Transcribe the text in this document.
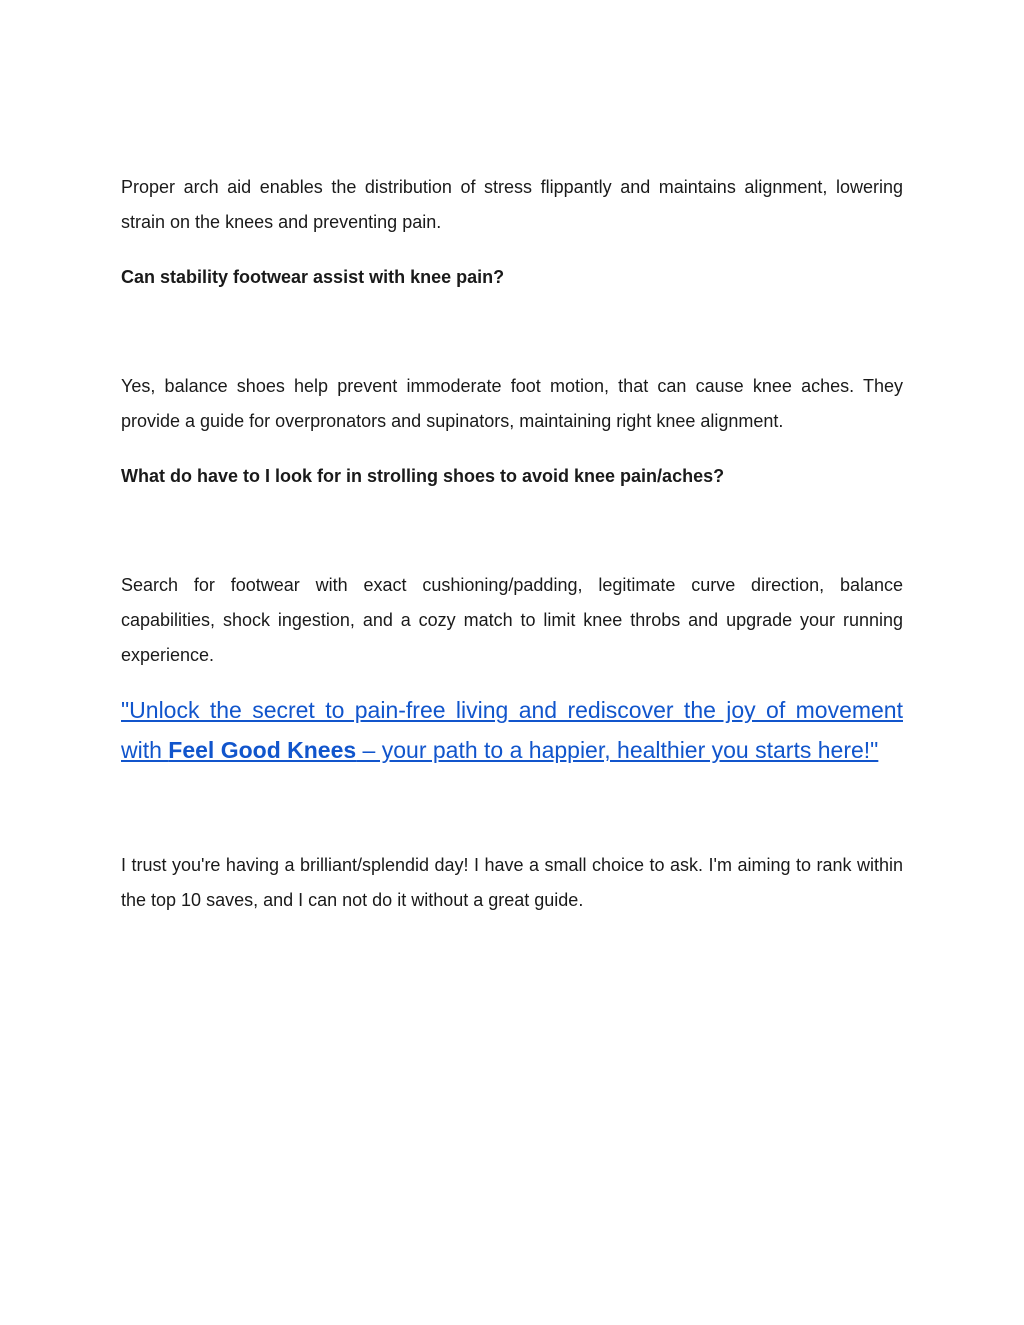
Proper arch aid enables the distribution of stress flippantly and maintains alignment, lowering strain on the knees and preventing pain.

Can stability footwear assist with knee pain?

Yes, balance shoes help prevent immoderate foot motion, that can cause knee aches. They provide a guide for overpronators and supinators, maintaining right knee alignment.

What do have to I look for in strolling shoes to avoid knee pain/aches?

Search for footwear with exact cushioning/padding, legitimate curve direction, balance capabilities, shock ingestion, and a cozy match to limit knee throbs and upgrade your running experience.

"Unlock the secret to pain-free living and rediscover the joy of movement with Feel Good Knees – your path to a happier, healthier you starts here!"

I trust you're having a brilliant/splendid day! I have a small choice to ask. I'm aiming to rank within the top 10 saves, and I can not do it without a great guide.
